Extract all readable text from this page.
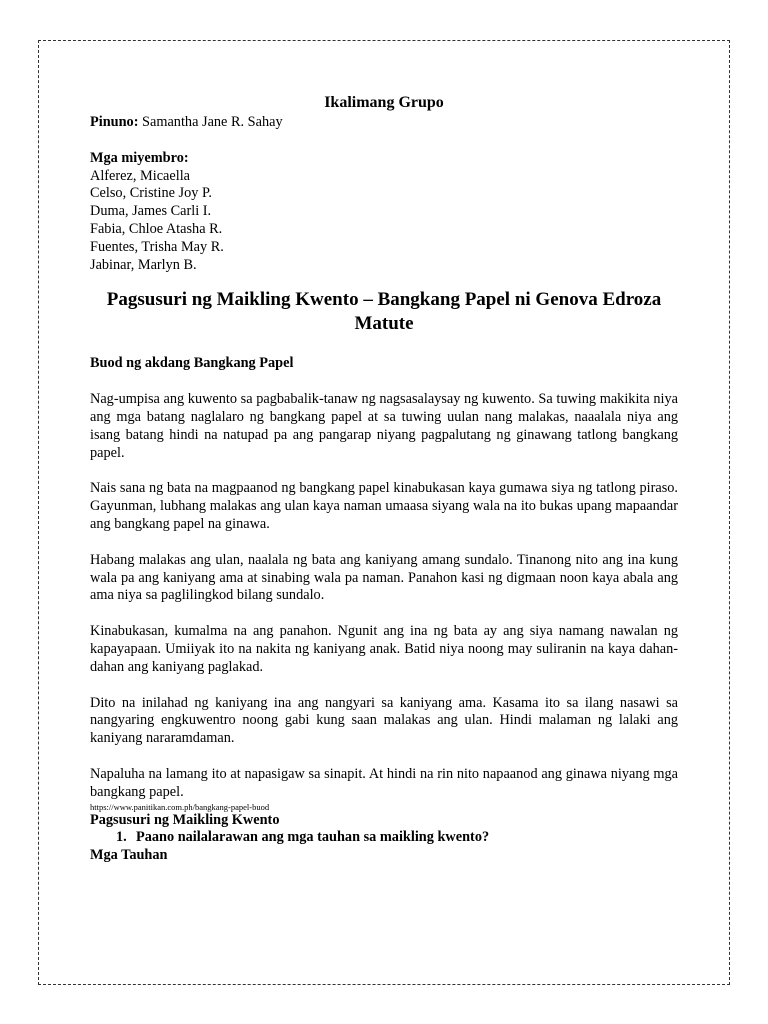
Ikalimang Grupo

Pinuno: Samantha Jane R. Sahay

Mga miyembro:

Alferez, Micaella

Celso, Cristine Joy P.

Duma, James Carli I.

Fabia, Chloe Atasha R.

Fuentes, Trisha May R.

Jabinar, Marlyn B.

Pagsusuri ng Maikling Kwento – Bangkang Papel ni Genova Edroza Matute

Buod ng akdang Bangkang Papel

Nag-umpisa ang kuwento sa pagbabalik-tanaw ng nagsasalaysay ng kuwento. Sa tuwing makikita niya ang mga batang naglalaro ng bangkang papel at sa tuwing uulan nang malakas, naaalala niya ang isang batang hindi na natupad pa ang pangarap niyang pagpalutang ng ginawang tatlong bangkang papel.

Nais sana ng bata na magpaanod ng bangkang papel kinabukasan kaya gumawa siya ng tatlong piraso. Gayunman, lubhang malakas ang ulan kaya naman umaasa siyang wala na ito bukas upang mapaandar ang bangkang papel na ginawa.

Habang malakas ang ulan, naalala ng bata ang kaniyang amang sundalo. Tinanong nito ang ina kung wala pa ang kaniyang ama at sinabing wala pa naman. Panahon kasi ng digmaan noon kaya abala ang ama niya sa paglilingkod bilang sundalo.

Kinabukasan, kumalma na ang panahon. Ngunit ang ina ng bata ay ang siya namang nawalan ng kapayapaan. Umiiyak ito na nakita ng kaniyang anak. Batid niya noong may suliranin na kaya dahan-dahan ang kaniyang paglakad.

Dito na inilahad ng kaniyang ina ang nangyari sa kaniyang ama. Kasama ito sa ilang nasawi sa nangyaring engkuwentro noong gabi kung saan malakas ang ulan. Hindi malaman ng lalaki ang kaniyang nararamdaman.

Napaluha na lamang ito at napasigaw sa sinapit. At hindi na rin nito napaanod ang ginawa niyang mga bangkang papel.

https://www.panitikan.com.ph/bangkang-papel-buod

Pagsusuri ng Maikling Kwento

1. Paano nailalarawan ang mga tauhan sa maikling kwento?

Mga Tauhan
